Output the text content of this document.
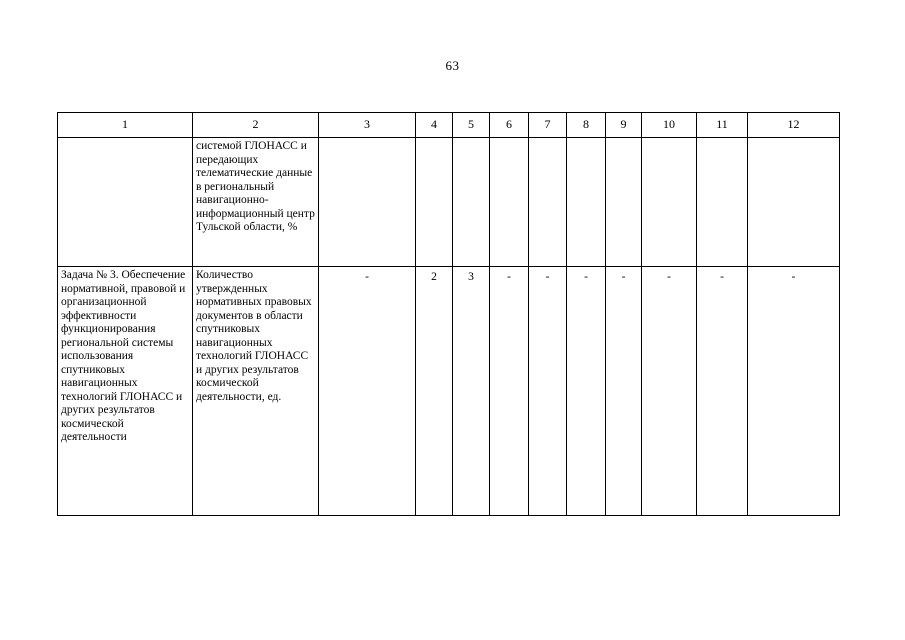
63
1	2	3	4	5	6	7	8	9	10	11	12
	системой ГЛОНАСС и передающих телематические данные в региональный навигационно-информационный центр Тульской области, %										
Задача № 3. Обеспечение нормативной, правовой и организационной эффективности функционирования региональной системы использования спутниковых навигационных технологий ГЛОНАСС и других результатов космической деятельности	Количество утвержденных нормативных правовых документов в области спутниковых навигационных технологий ГЛОНАСС и других результатов космической деятельности, ед.	-	2	3	-	-	-	-	-	-	-
